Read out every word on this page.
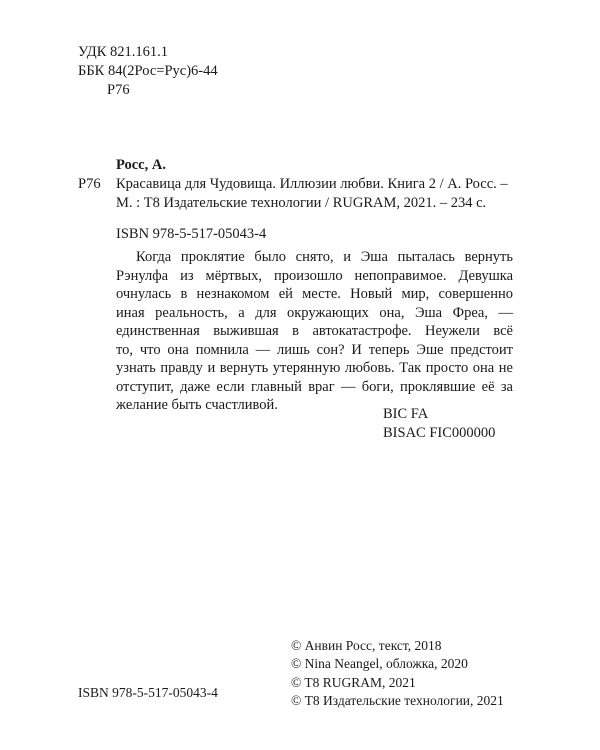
УДК 821.161.1
ББК 84(2Рос=Рус)6-44
Р76
Росс, А.
Р76 Красавица для Чудовища. Иллюзии любви. Книга 2 / А. Росс. –
М. : Т8 Издательские технологии / RUGRAM, 2021. – 234 с.
ISBN 978-5-517-05043-4
Когда проклятие было снято, и Эша пыталась вернуть
Рэнулфа из мёртвых, произошло непоправимое. Девушка
очнулась в незнакомом ей месте. Новый мир, совершенно
иная реальность, а для окружающих она, Эша Фреа, —
единственная выжившая в автокатастрофе. Неужели всё
то, что она помнила — лишь сон? И теперь Эше предстоит
узнать правду и вернуть утерянную любовь. Так просто она не
отступит, даже если главный враг — боги, проклявшие её за
желание быть счастливой.
BIC FA
BISAC FIC000000
© Анвин Росс, текст, 2018
© Nina Neangel, обложка, 2020
© T8 RUGRAM, 2021
© Т8 Издательские технологии, 2021
ISBN 978-5-517-05043-4
